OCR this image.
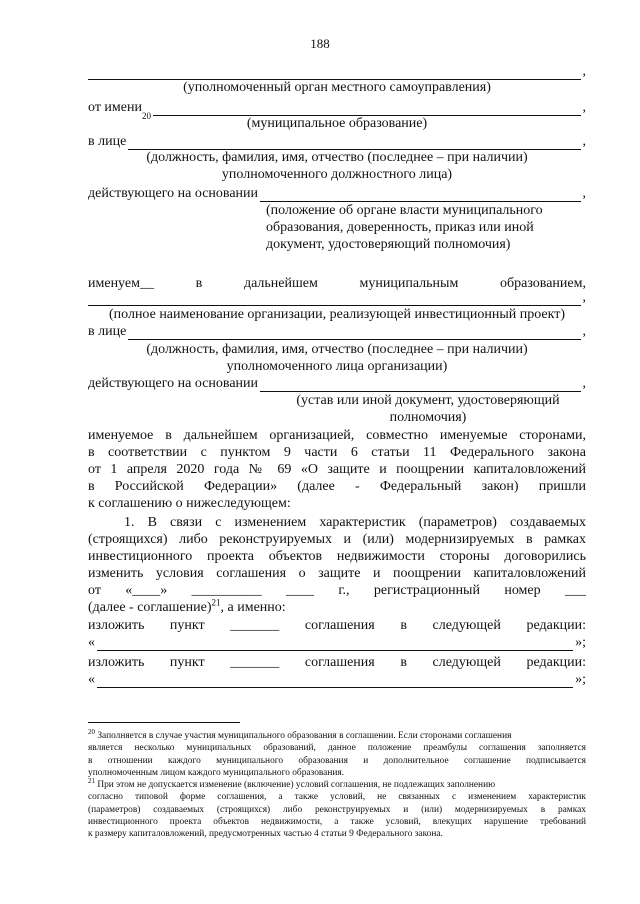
188
,
(уполномоченный орган местного самоуправления)
от имени
20
,
(муниципальное образование)
в лице	,
(должность, фамилия, имя, отчество (последнее – при наличии)
уполномоченного должностного лица)
действующего на основании	,
(положение об органе власти муниципального
образования, доверенность, приказ или иной
документ, удостоверяющий полномочия)
именуем__ в дальнейшем муниципальным образованием,
,
(полное наименование организации, реализующей инвестиционный проект)
в лице	,
(должность, фамилия, имя, отчество (последнее – при наличии)
уполномоченного лица организации)
действующего на основании	,
(устав или иной документ, удостоверяющий
полномочия)
именуемое в дальнейшем организацией, совместно именуемые сторонами,
в соответствии с пунктом 9 части 6 статьи 11 Федерального закона
от 1 апреля 2020 года № 69 «О защите и поощрении капиталовложений
в Российской Федерации» (далее - Федеральный закон) пришли
к соглашению о нижеследующем:
1. В связи с изменением характеристик (параметров) создаваемых
(строящихся) либо реконструируемых и (или) модернизируемых в рамках
инвестиционного проекта объектов недвижимости стороны договорились
изменить условия соглашения о защите и поощрении капиталовложений
от «____» __________ ____ г., регистрационный номер ___
(далее - соглашение)$^{21}$, а именно:
изложить пункт _______ соглашения в следующей редакции:
«	»;
изложить пункт _______ соглашения в следующей редакции:
«	»;
$^{20}$ Заполняется в случае участия муниципального образования в соглашении. Если сторонами соглашения
является несколько муниципальных образований, данное положение преамбулы соглашения заполняется
в отношении каждого муниципального образования и дополнительное соглашение подписывается
уполномоченным лицом каждого муниципального образования.
$^{21}$ При этом не допускается изменение (включение) условий соглашения, не подлежащих заполнению
согласно типовой форме соглашения, а также условий, не связанных с изменением характеристик
(параметров) создаваемых (строящихся) либо реконструируемых и (или) модернизируемых в рамках
инвестиционного проекта объектов недвижимости, а также условий, влекущих нарушение требований
к размеру капиталовложений, предусмотренных частью 4 статьи 9 Федерального закона.
